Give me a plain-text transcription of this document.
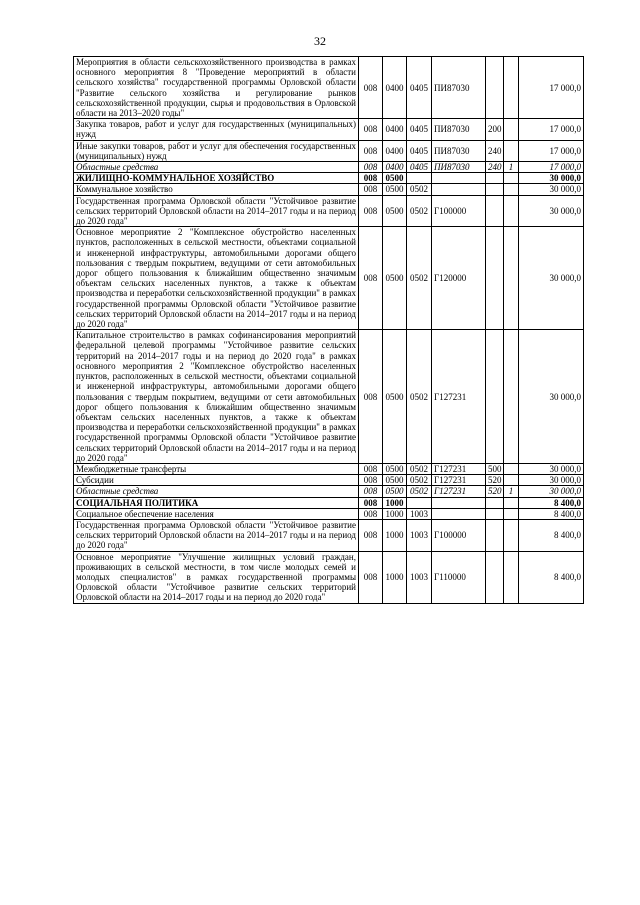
32
Мероприятия в области сельскохозяйственного производства в рамках основного мероприятия 8 "Проведение мероприятий в области сельского хозяйства" государственной программы Орловской области "Развитие сельского хозяйства и регулирование рынков сельскохозяйственной продукции, сырья и продовольствия в Орловской области на 2013–2020 годы"	008	0400	0405	ПИ87030			17 000,0
Закупка товаров, работ и услуг для государственных (муниципальных) нужд	008	0400	0405	ПИ87030	200		17 000,0
Иные закупки товаров, работ и услуг для обеспечения государственных (муниципальных) нужд	008	0400	0405	ПИ87030	240		17 000,0
Областные средства	008	0400	0405	ПИ87030	240	1	17 000,0
ЖИЛИЩНО-КОММУНАЛЬНОЕ ХОЗЯЙСТВО	008	0500					30 000,0
Коммунальное хозяйство	008	0500	0502				30 000,0
Государственная программа Орловской области "Устойчивое развитие сельских территорий Орловской области на 2014–2017 годы и на период до 2020 года"	008	0500	0502	Г100000			30 000,0
Основное мероприятие 2 "Комплексное обустройство населенных пунктов, расположенных в сельской местности, объектами социальной и инженерной инфраструктуры, автомобильными дорогами общего пользования с твердым покрытием, ведущими от сети автомобильных дорог общего пользования к ближайшим общественно значимым объектам сельских населенных пунктов, а также к объектам производства и переработки сельскохозяйственной продукции" в рамках государственной программы Орловской области "Устойчивое развитие сельских территорий Орловской области на 2014–2017 годы и на период до 2020 года"	008	0500	0502	Г120000			30 000,0
Капитальное строительство в рамках софинансирования мероприятий федеральной целевой программы "Устойчивое развитие сельских территорий на 2014–2017 годы и на период до 2020 года" в рамках основного мероприятия 2 "Комплексное обустройство населенных пунктов, расположенных в сельской местности, объектами социальной и инженерной инфраструктуры, автомобильными дорогами общего пользования с твердым покрытием, ведущими от сети автомобильных дорог общего пользования к ближайшим общественно значимым объектам сельских населенных пунктов, а также к объектам производства и переработки сельскохозяйственной продукции" в рамках государственной программы Орловской области "Устойчивое развитие сельских территорий Орловской области на 2014–2017 годы и на период до 2020 года"	008	0500	0502	Г127231			30 000,0
Межбюджетные трансферты	008	0500	0502	Г127231	500		30 000,0
Субсидии	008	0500	0502	Г127231	520		30 000,0
Областные средства	008	0500	0502	Г127231	520	1	30 000,0
СОЦИАЛЬНАЯ ПОЛИТИКА	008	1000					8 400,0
Социальное обеспечение населения	008	1000	1003				8 400,0
Государственная программа Орловской области "Устойчивое развитие сельских территорий Орловской области на 2014–2017 годы и на период до 2020 года"	008	1000	1003	Г100000			8 400,0
Основное мероприятие "Улучшение жилищных условий граждан, проживающих в сельской местности, в том числе молодых семей и молодых специалистов" в рамках государственной программы Орловской области "Устойчивое развитие сельских территорий Орловской области на 2014–2017 годы и на период до 2020 года"	008	1000	1003	Г110000			8 400,0
